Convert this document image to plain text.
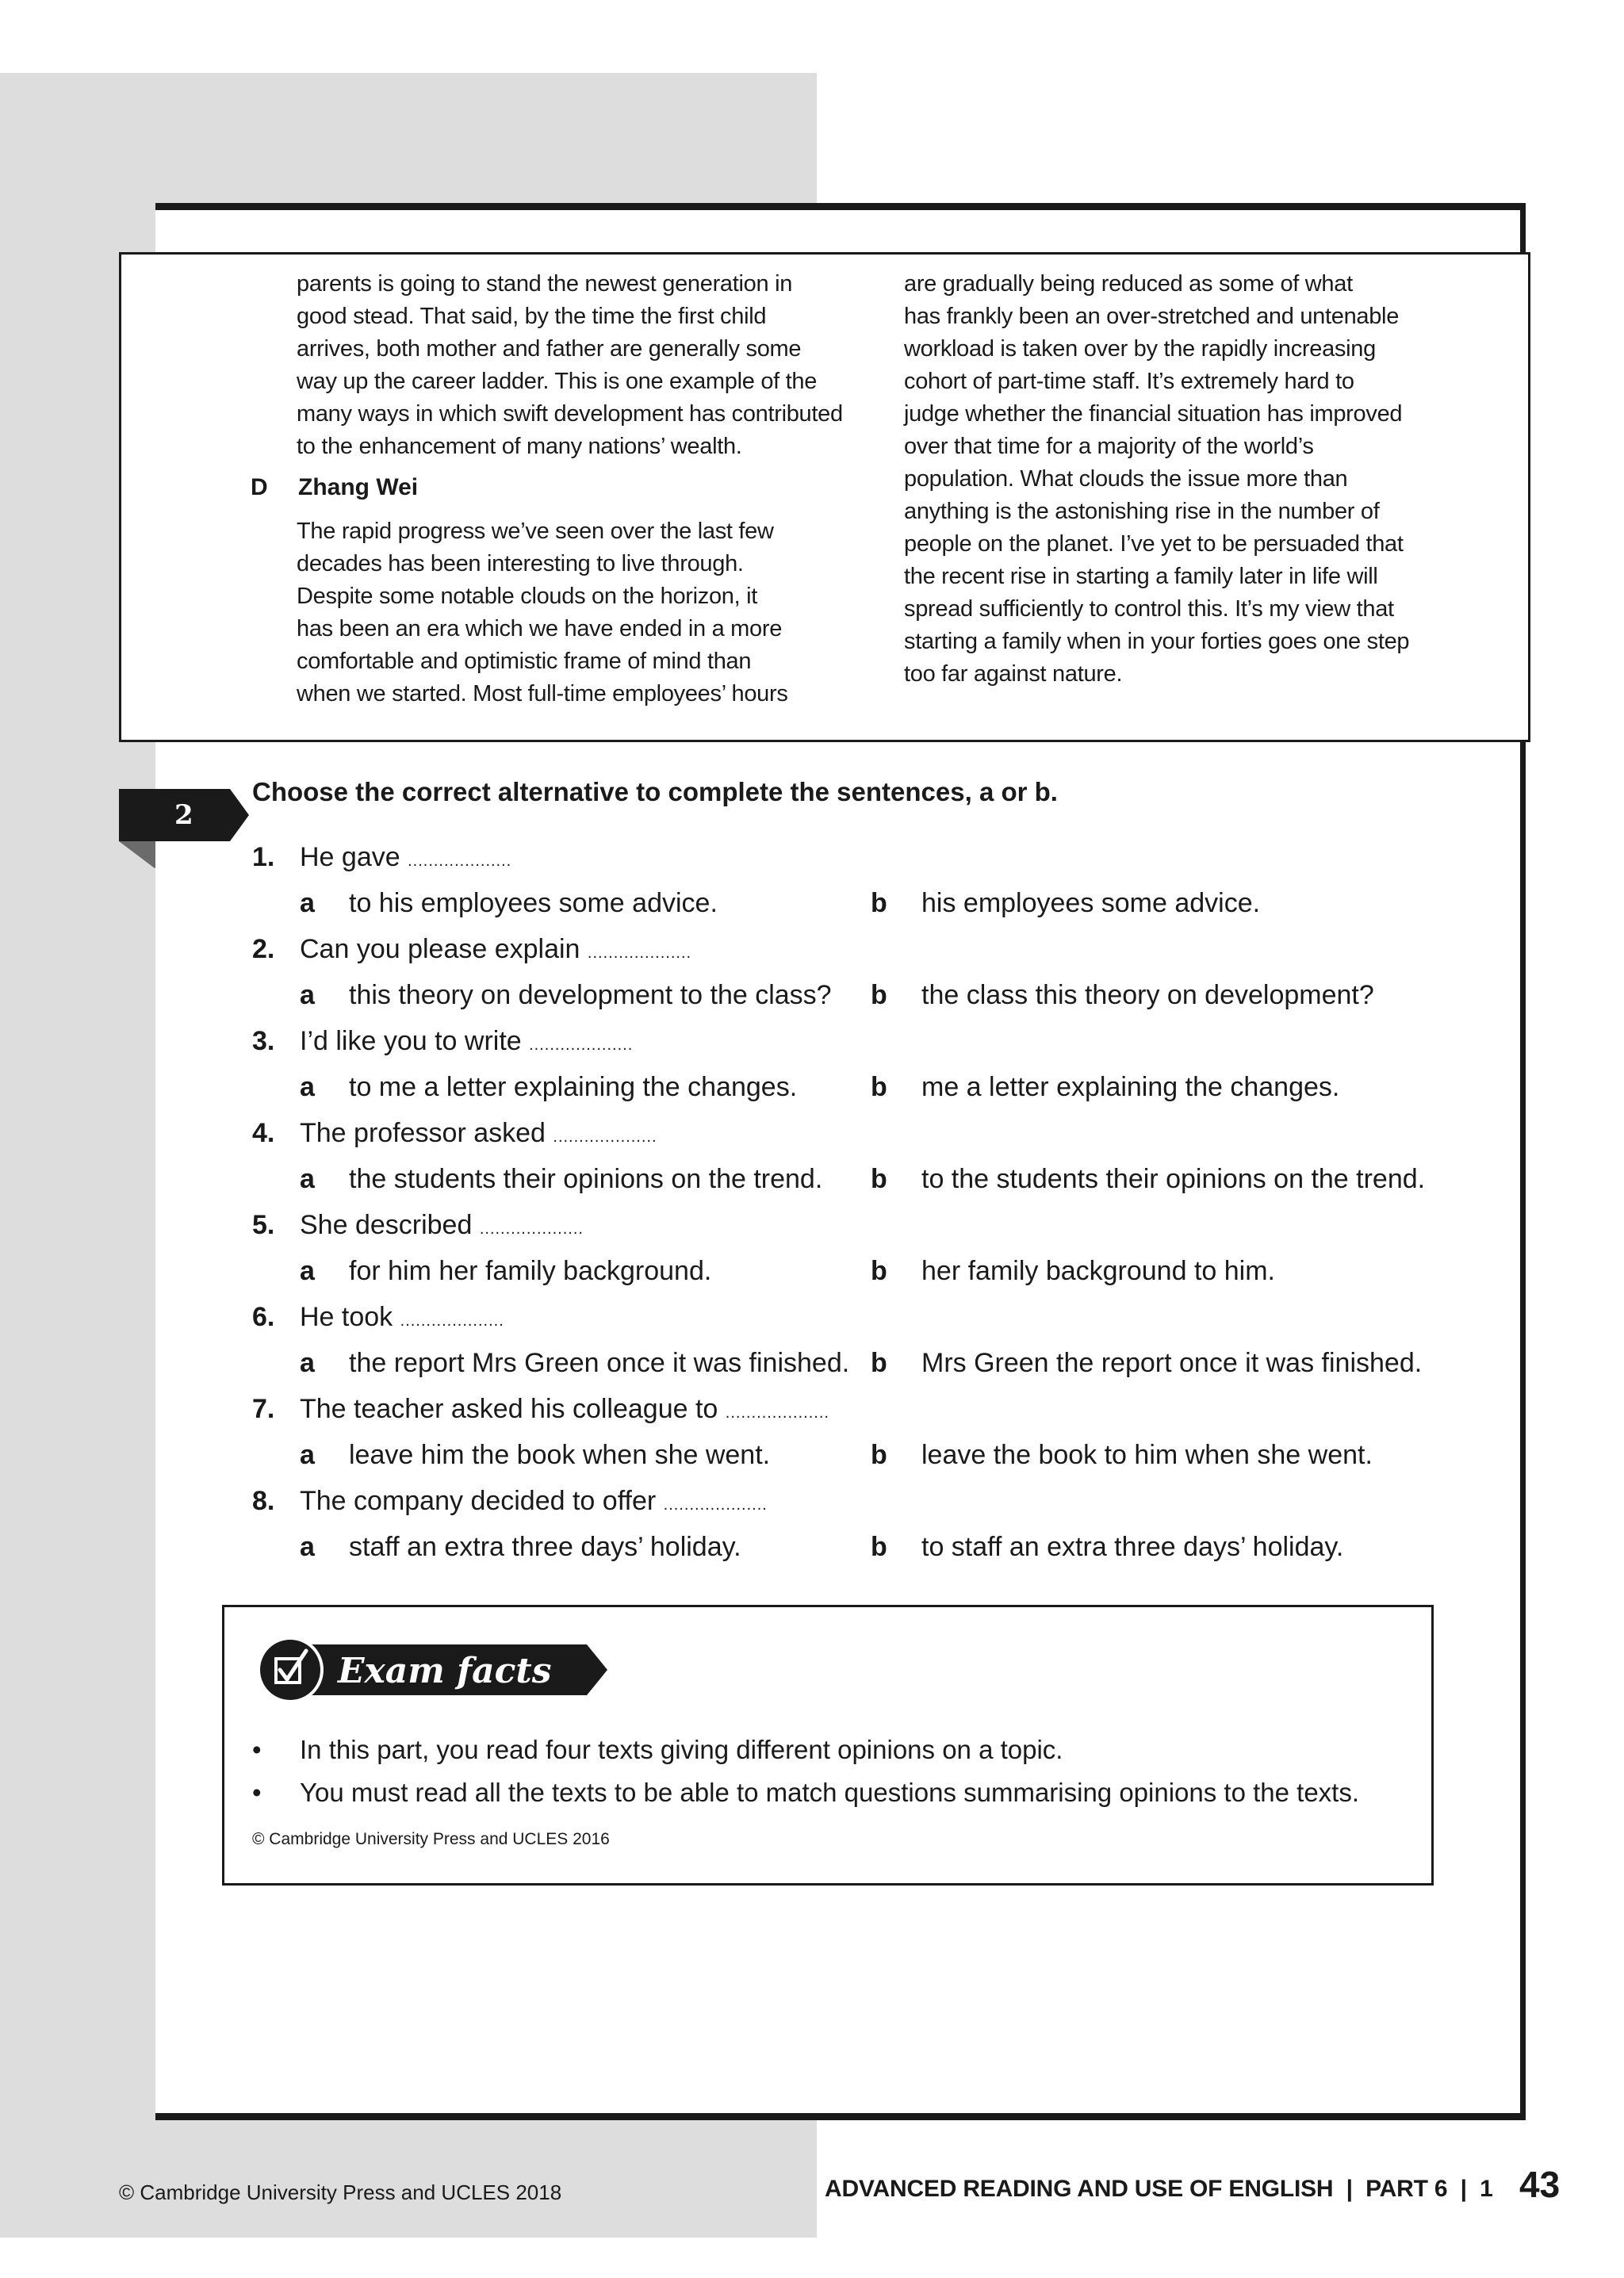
parents is going to stand the newest generation in

good stead. That said, by the time the first child

arrives, both mother and father are generally some

way up the career ladder. This is one example of the

many ways in which swift development has contributed

to the enhancement of many nations’ wealth.

D Zhang Wei

The rapid progress we’ve seen over the last few

decades has been interesting to live through.

Despite some notable clouds on the horizon, it

has been an era which we have ended in a more

comfortable and optimistic frame of mind than

when we started. Most full-time employees’ hours

are gradually being reduced as some of what

has frankly been an over-stretched and untenable

workload is taken over by the rapidly increasing

cohort of part-time staff. It’s extremely hard to

judge whether the financial situation has improved

over that time for a majority of the world’s

population. What clouds the issue more than

anything is the astonishing rise in the number of

people on the planet. I’ve yet to be persuaded that

the recent rise in starting a family later in life will

spread sufficiently to control this. It’s my view that

starting a family when in your forties goes one step

too far against nature.

2
Choose the correct alternative to complete the sentences, a or b.
1. He gave ....................
a to his employees some advice.	b his employees some advice.
2. Can you please explain ....................
a this theory on development to the class? b the class this theory on development?
3. I’d like you to write ....................
a to me a letter explaining the changes.	b me a letter explaining the changes.
4. The professor asked ....................
a the students their opinions on the trend. b to the students their opinions on the trend.
5. She described ....................
a for him her family background.	b her family background to him.
6. He took ....................
a the report Mrs Green once it was finished. b Mrs Green the report once it was finished.
7. The teacher asked his colleague to ....................
a leave him the book when she went.	b leave the book to him when she went.
8. The company decided to offer ....................
a staff an extra three days’ holiday.	b to staff an extra three days’ holiday.
Exam facts
• In this part, you read four texts giving different opinions on a topic.
• You must read all the texts to be able to match questions summarising opinions to the texts.
© Cambridge University Press and UCLES 2016
© Cambridge University Press and UCLES 2018	ADVANCED READING AND USE OF ENGLISH  |  PART 6  |  1 43
